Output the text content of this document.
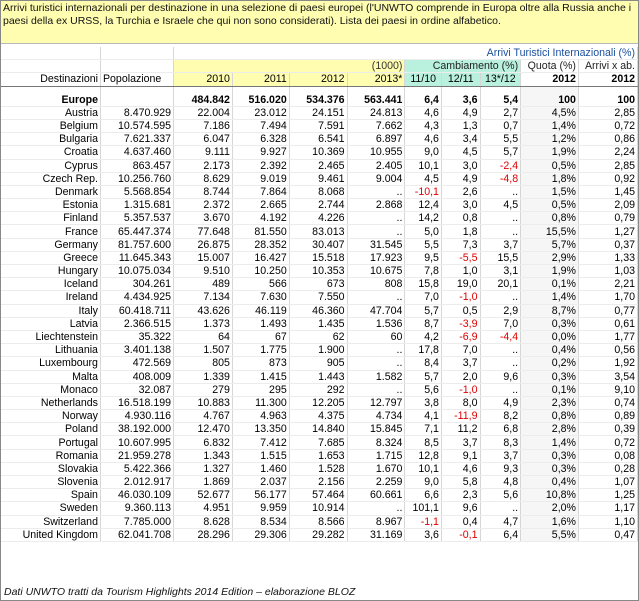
Arrivi turistici internazionali per destinazione in una selezione di paesi europei (l'UNWTO comprende in Europa oltre alla Russia anche i paesi della ex URSS, la Turchia e Israele che qui non sono considerati). Lista dei paesi in ordine alfabetico.
		Arrivi Turistici Internazionali (%)								
		(1000)				Cambiamento (%)			Quota (%)	Arrivi x ab.
Destinazioni	Popolazione	2010	2011	2012	2013*	11/10	12/11	13*/12	2012	2012

Europe		484.842	516.020	534.376	563.441	6,4	3,6	5,4	100	100
Austria	8.470.929	22.004	23.012	24.151	24.813	4,6	4,9	2,7	4,5%	2,85
Belgium	10.574.595	7.186	7.494	7.591	7.662	4,3	1,3	0,7	1,4%	0,72
Bulgaria	7.621.337	6.047	6.328	6.541	6.897	4,6	3,4	5,5	1,2%	0,86
Croatia	4.637.460	9.111	9.927	10.369	10.955	9,0	4,5	5,7	1,9%	2,24
Cyprus	863.457	2.173	2.392	2.465	2.405	10,1	3,0	-2,4	0,5%	2,85
Czech Rep.	10.256.760	8.629	9.019	9.461	9.004	4,5	4,9	-4,8	1,8%	0,92
Denmark	5.568.854	8.744	7.864	8.068	..	-10,1	2,6	..	1,5%	1,45
Estonia	1.315.681	2.372	2.665	2.744	2.868	12,4	3,0	4,5	0,5%	2,09
Finland	5.357.537	3.670	4.192	4.226	..	14,2	0,8	..	0,8%	0,79
France	65.447.374	77.648	81.550	83.013	..	5,0	1,8	..	15,5%	1,27
Germany	81.757.600	26.875	28.352	30.407	31.545	5,5	7,3	3,7	5,7%	0,37
Greece	11.645.343	15.007	16.427	15.518	17.923	9,5	-5,5	15,5	2,9%	1,33
Hungary	10.075.034	9.510	10.250	10.353	10.675	7,8	1,0	3,1	1,9%	1,03
Iceland	304.261	489	566	673	808	15,8	19,0	20,1	0,1%	2,21
Ireland	4.434.925	7.134	7.630	7.550	..	7,0	-1,0	..	1,4%	1,70
Italy	60.418.711	43.626	46.119	46.360	47.704	5,7	0,5	2,9	8,7%	0,77
Latvia	2.366.515	1.373	1.493	1.435	1.536	8,7	-3,9	7,0	0,3%	0,61
Liechtenstein	35.322	64	67	62	60	4,2	-6,9	-4,4	0,0%	1,77
Lithuania	3.401.138	1.507	1.775	1.900	..	17,8	7,0	..	0,4%	0,56
Luxembourg	472.569	805	873	905	..	8,4	3,7	..	0,2%	1,92
Malta	408.009	1.339	1.415	1.443	1.582	5,7	2,0	9,6	0,3%	3,54
Monaco	32.087	279	295	292	..	5,6	-1,0	..	0,1%	9,10
Netherlands	16.518.199	10.883	11.300	12.205	12.797	3,8	8,0	4,9	2,3%	0,74
Norway	4.930.116	4.767	4.963	4.375	4.734	4,1	-11,9	8,2	0,8%	0,89
Poland	38.192.000	12.470	13.350	14.840	15.845	7,1	11,2	6,8	2,8%	0,39
Portugal	10.607.995	6.832	7.412	7.685	8.324	8,5	3,7	8,3	1,4%	0,72
Romania	21.959.278	1.343	1.515	1.653	1.715	12,8	9,1	3,7	0,3%	0,08
Slovakia	5.422.366	1.327	1.460	1.528	1.670	10,1	4,6	9,3	0,3%	0,28
Slovenia	2.012.917	1.869	2.037	2.156	2.259	9,0	5,8	4,8	0,4%	1,07
Spain	46.030.109	52.677	56.177	57.464	60.661	6,6	2,3	5,6	10,8%	1,25
Sweden	9.360.113	4.951	9.959	10.914	..	101,1	9,6	..	2,0%	1,17
Switzerland	7.785.000	8.628	8.534	8.566	8.967	-1,1	0,4	4,7	1,6%	1,10
United Kingdom	62.041.708	28.296	29.306	29.282	31.169	3,6	-0,1	6,4	5,5%	0,47
Dati UNWTO tratti da Tourism Highlights 2014 Edition – elaborazione BLOZ
